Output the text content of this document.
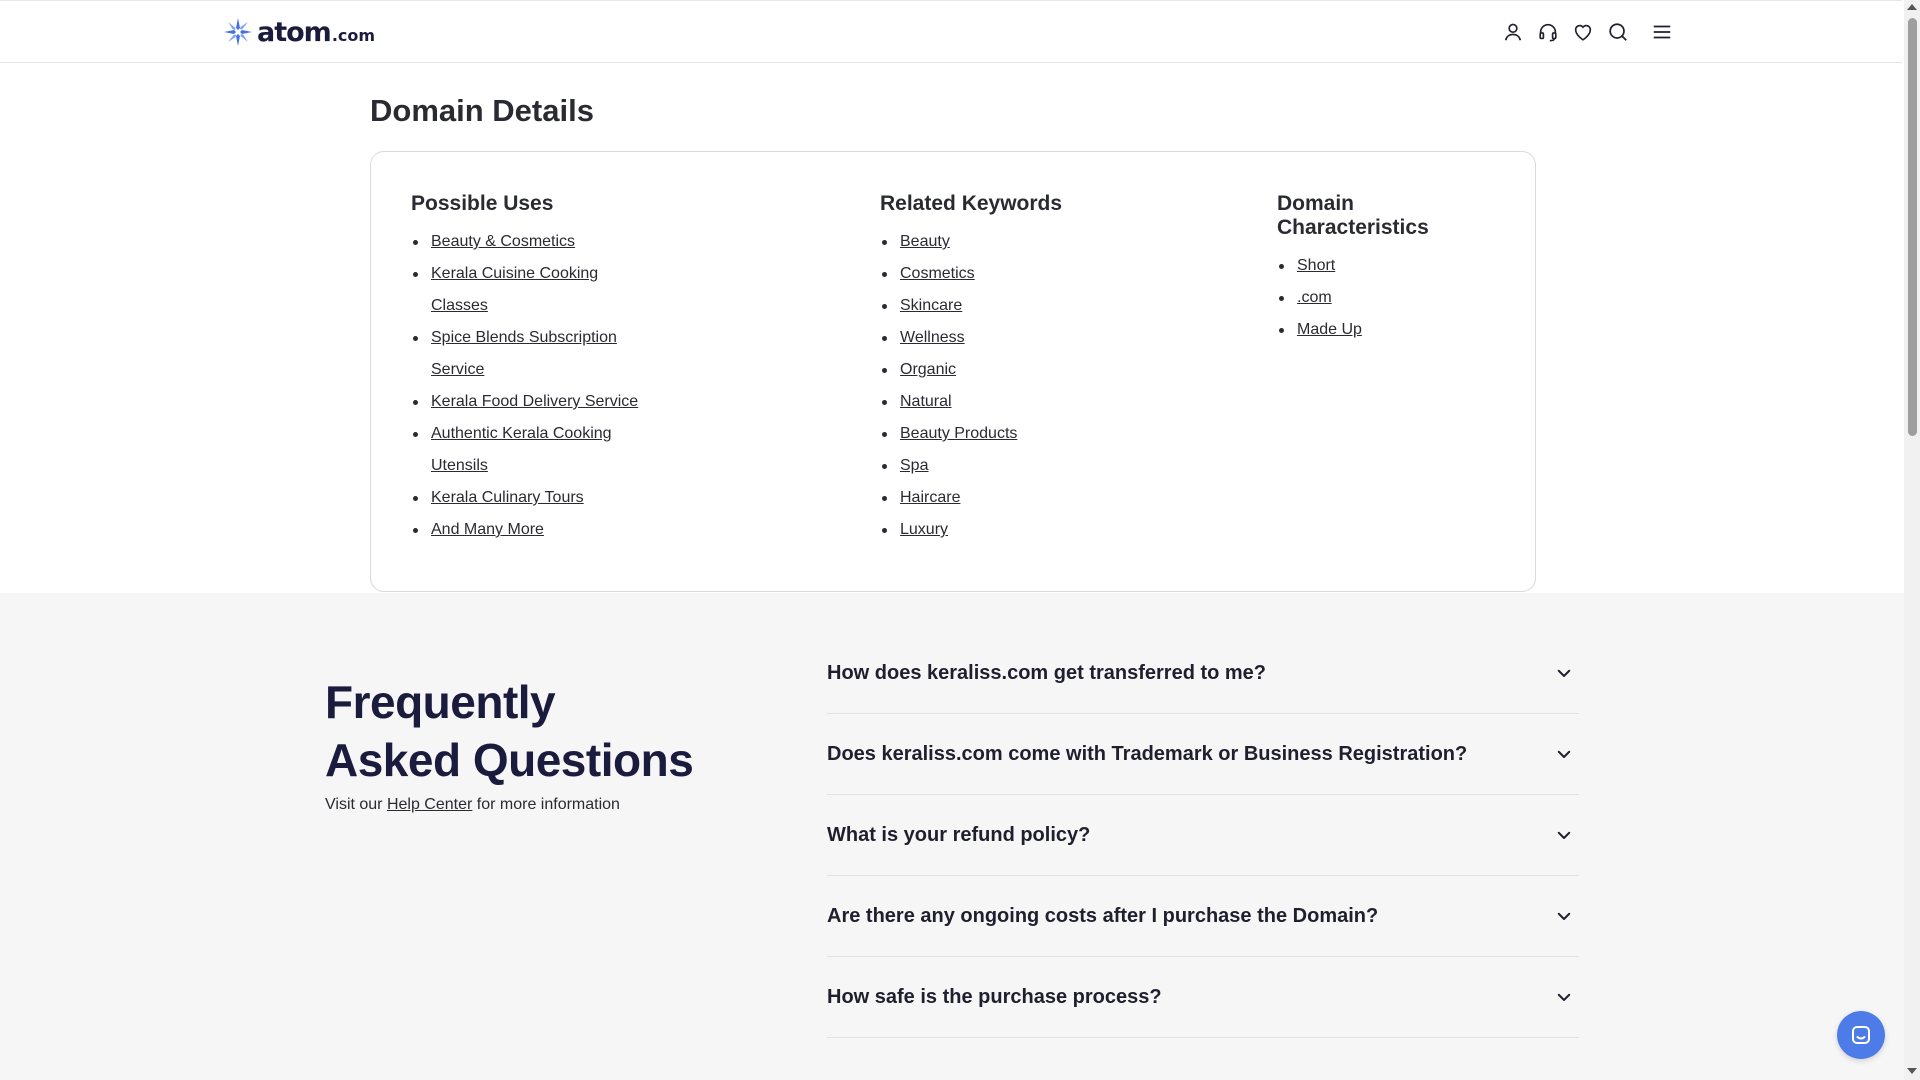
atom .com
Domain Details
Possible Uses
Beauty & Cosmetics
Kerala Cuisine Cooking Classes
Spice Blends Subscription Service
Kerala Food Delivery Service
Authentic Kerala Cooking Utensils
Kerala Culinary Tours
And Many More
Related Keywords
Beauty
Cosmetics
Skincare
Wellness
Organic
Natural
Beauty Products
Spa
Haircare
Luxury
Domain Characteristics
Short
.com
Made Up
Frequently
Asked Questions

Visit our Help Center for more information

How does keraliss.com get transferred to me?
Does keraliss.com come with Trademark or Business Registration?
What is your refund policy?
Are there any ongoing costs after I purchase the Domain?
How safe is the purchase process?
